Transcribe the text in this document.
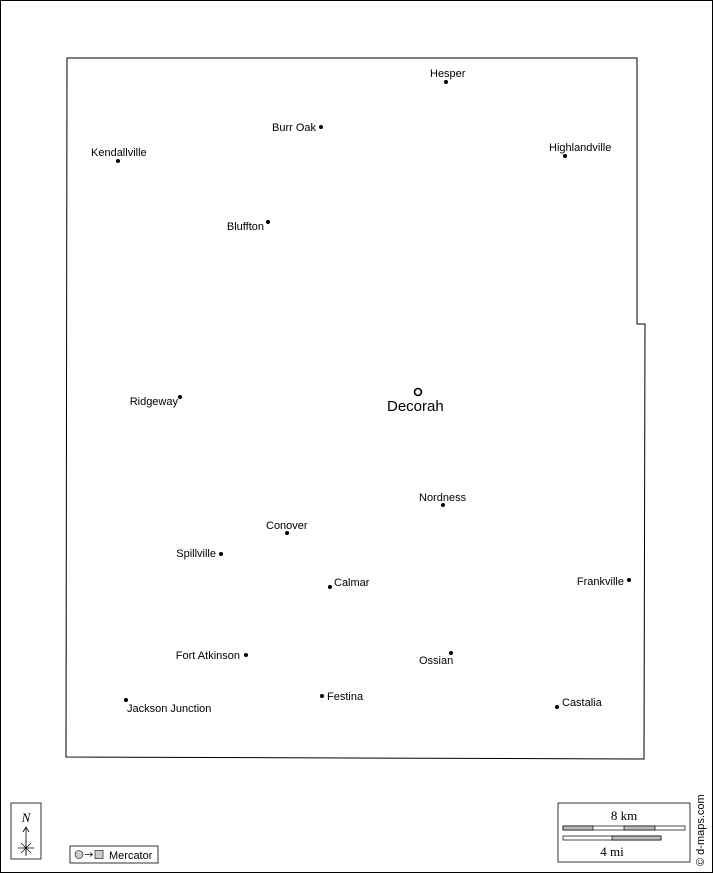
Hesper
Burr Oak
Kendallville	Highlandville
Bluffton
Ridgeway	Decorah
Nordness
Conover
Spillville
Calmar	Frankville
Fort Atkinson	Ossian
Festina
Jackson Junction	Castalia
N
Mercator
8 km
4 mi	© d-maps.com
